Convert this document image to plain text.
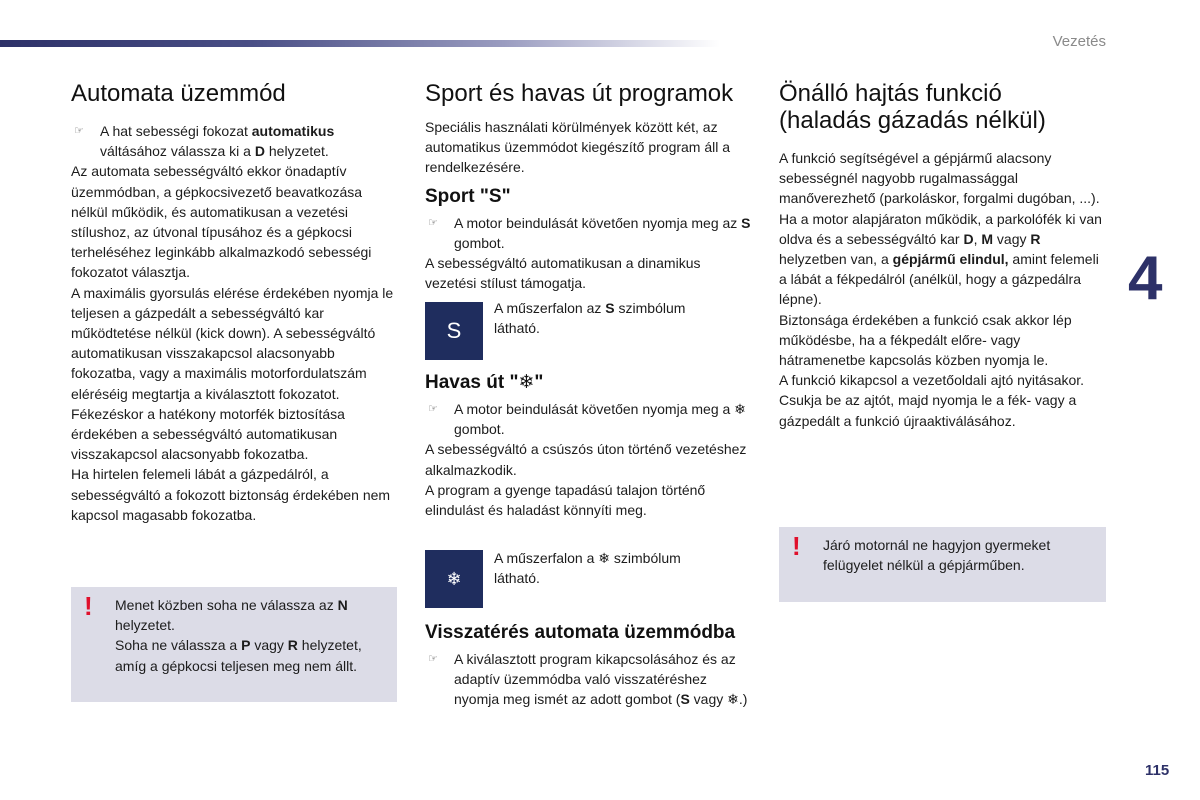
Vezetés
4
115
Automata üzemmód

☞ A hat sebességi fokozat automatikus váltásához válassza ki a D helyzetet.

Az automata sebességváltó ekkor önadaptív üzemmódban, a gépkocsivezető beavatkozása nélkül működik, és automatikusan a vezetési stílushoz, az útvonal típusához és a gépkocsi terheléséhez leginkább alkalmazkodó sebességi fokozatot választja.

A maximális gyorsulás elérése érdekében nyomja le teljesen a gázpedált a sebességváltó kar működtetése nélkül (kick down). A sebességváltó automatikusan visszakapcsol alacsonyabb fokozatba, vagy a maximális motorfordulatszám eléréséig megtartja a kiválasztott fokozatot.

Fékezéskor a hatékony motorfék biztosítása érdekében a sebességváltó automatikusan visszakapcsol alacsonyabb fokozatba.

Ha hirtelen felemeli lábát a gázpedálról, a sebességváltó a fokozott biztonság érdekében nem kapcsol magasabb fokozatba.

! Menet közben soha ne válassza az N helyzetet.

Soha ne válassza a P vagy R helyzetet, amíg a gépkocsi teljesen meg nem állt.

Sport és havas út programok

Speciális használati körülmények között két, az automatikus üzemmódot kiegészítő program áll a rendelkezésére.

Sport "S"

☞ A motor beindulását követően nyomja meg az S gombot.

A sebességváltó automatikusan a dinamikus vezetési stílust támogatja.

S
A műszerfalon az S szimbólum látható.
Havas út "❄"

☞ A motor beindulását követően nyomja meg a ❄ gombot.

A sebességváltó a csúszós úton történő vezetéshez alkalmazkodik.

A program a gyenge tapadású talajon történő elindulást és haladást könnyíti meg.

❄
A műszerfalon a ❄ szimbólum látható.
Visszatérés automata üzemmódba

☞ A kiválasztott program kikapcsolásához és az adaptív üzemmódba való visszatéréshez nyomja meg ismét az adott gombot (S vagy ❄.)

Önálló hajtás funkció (haladás gázadás nélkül)

A funkció segítségével a gépjármű alacsony sebességnél nagyobb rugalmassággal manőverezhető (parkoláskor, forgalmi dugóban, ...).

Ha a motor alapjáraton működik, a parkolófék ki van oldva és a sebességváltó kar D, M vagy R helyzetben van, a gépjármű elindul, amint felemeli a lábát a fékpedálról (anélkül, hogy a gázpedálra lépne).

Biztonsága érdekében a funkció csak akkor lép működésbe, ha a fékpedált előre- vagy hátramenetbe kapcsolás közben nyomja le.

A funkció kikapcsol a vezetőoldali ajtó nyitásakor. Csukja be az ajtót, majd nyomja le a fék- vagy a gázpedált a funkció újraaktiválásához.

! Járó motornál ne hagyjon gyermeket felügyelet nélkül a gépjárműben.
